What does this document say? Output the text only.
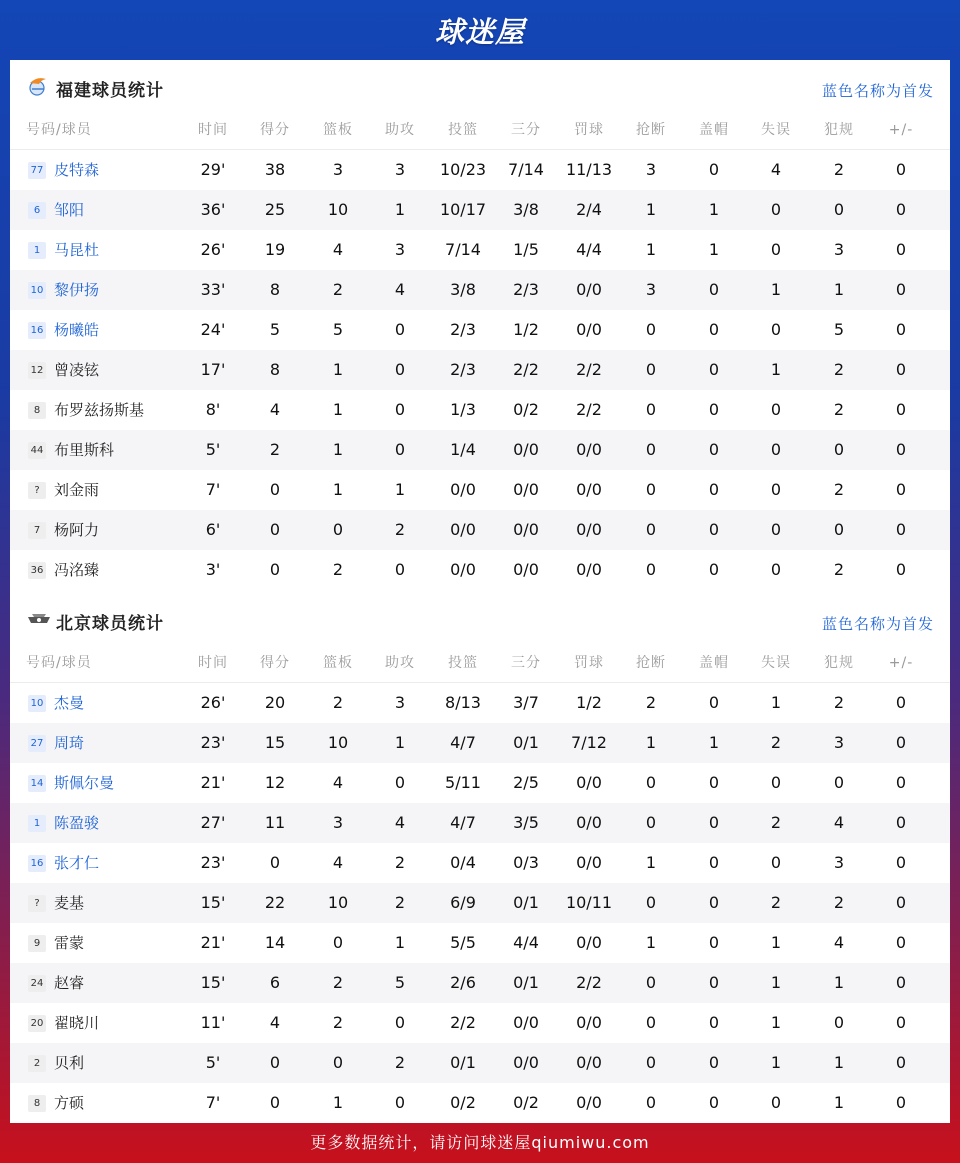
球迷屋
福建球员统计	蓝色名称为首发
号码/球员	时间	得分	篮板	助攻	投篮	三分	罚球	抢断	盖帽	失误	犯规	+/-
77 皮特森	29'	38	3	3	10/23	7/14	11/13	3	0	4	2	0
6 邹阳	36'	25	10	1	10/17	3/8	2/4	1	1	0	0	0
1 马昆杜	26'	19	4	3	7/14	1/5	4/4	1	1	0	3	0
10 黎伊扬	33'	8	2	4	3/8	2/3	0/0	3	0	1	1	0
16 杨曦皓	24'	5	5	0	2/3	1/2	0/0	0	0	0	5	0
12 曾凌铉	17'	8	1	0	2/3	2/2	2/2	0	0	1	2	0
8 布罗兹扬斯基	8'	4	1	0	1/3	0/2	2/2	0	0	0	2	0
44 布里斯科	5'	2	1	0	1/4	0/0	0/0	0	0	0	0	0
? 刘金雨	7'	0	1	1	0/0	0/0	0/0	0	0	0	2	0
7 杨阿力	6'	0	0	2	0/0	0/0	0/0	0	0	0	0	0
36 冯洺臻	3'	0	2	0	0/0	0/0	0/0	0	0	0	2	0
北京球员统计	蓝色名称为首发
号码/球员	时间	得分	篮板	助攻	投篮	三分	罚球	抢断	盖帽	失误	犯规	+/-
10 杰曼	26'	20	2	3	8/13	3/7	1/2	2	0	1	2	0
27 周琦	23'	15	10	1	4/7	0/1	7/12	1	1	2	3	0
14 斯佩尔曼	21'	12	4	0	5/11	2/5	0/0	0	0	0	0	0
1 陈盈骏	27'	11	3	4	4/7	3/5	0/0	0	0	2	4	0
16 张才仁	23'	0	4	2	0/4	0/3	0/0	1	0	0	3	0
? 麦基	15'	22	10	2	6/9	0/1	10/11	0	0	2	2	0
9 雷蒙	21'	14	0	1	5/5	4/4	0/0	1	0	1	4	0
24 赵睿	15'	6	2	5	2/6	0/1	2/2	0	0	1	1	0
20 翟晓川	11'	4	2	0	2/2	0/0	0/0	0	0	1	0	0
2 贝利	5'	0	0	2	0/1	0/0	0/0	0	0	1	1	0
8 方硕	7'	0	1	0	0/2	0/2	0/0	0	0	0	1	0
更多数据统计，请访问球迷屋qiumiwu.com
